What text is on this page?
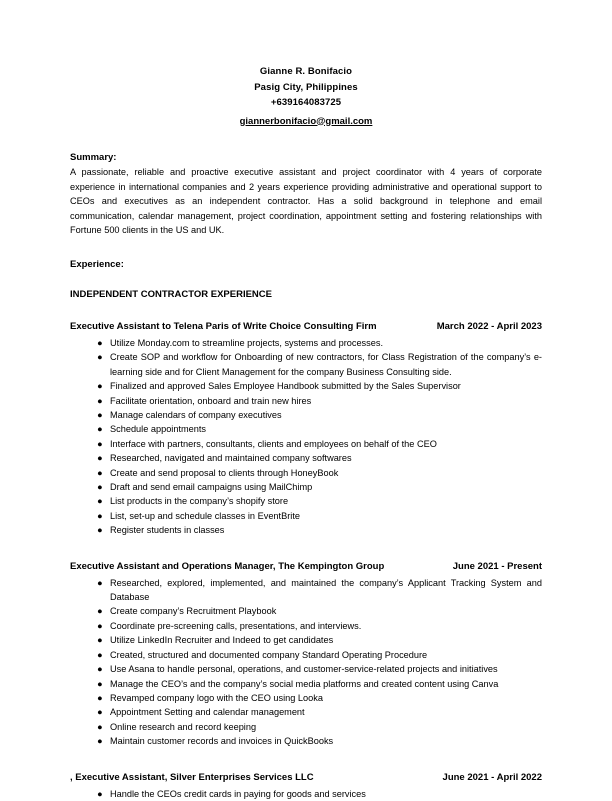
Gianne R. Bonifacio
Pasig City, Philippines
+639164083725
giannerbonifacio@gmail.com
Summary:
A passionate, reliable and proactive executive assistant and project coordinator with 4 years of corporate experience in international companies and 2 years experience providing administrative and operational support to CEOs and executives as an independent contractor. Has a solid background in telephone and email communication, calendar management, project coordination, appointment setting and fostering relationships with Fortune 500 clients in the US and UK.
Experience:
INDEPENDENT CONTRACTOR EXPERIENCE
Executive Assistant to Telena Paris of Write Choice Consulting Firm	March 2022 - April 2023
● Utilize Monday.com to streamline projects, systems and processes.
● Create SOP and workflow for Onboarding of new contractors, for Class Registration of the company’s e-learning side and for Client Management for the company Business Consulting side.
● Finalized and approved Sales Employee Handbook submitted by the Sales Supervisor
● Facilitate orientation, onboard and train new hires
● Manage calendars of company executives
● Schedule appointments
● Interface with partners, consultants, clients and employees on behalf of the CEO
● Researched, navigated and maintained company softwares
● Create and send proposal to clients through HoneyBook
● Draft and send email campaigns using MailChimp
● List products in the company’s shopify store
● List, set-up and schedule classes in EventBrite
● Register students in classes
Executive Assistant and Operations Manager, The Kempington Group	June 2021 - Present
● Researched, explored, implemented, and maintained the company’s Applicant Tracking System and Database
● Create company’s Recruitment Playbook
● Coordinate pre-screening calls, presentations, and interviews.
● Utilize LinkedIn Recruiter and Indeed to get candidates
● Created, structured and documented company Standard Operating Procedure
● Use Asana to handle personal, operations, and customer-service-related projects and initiatives
● Manage the CEO’s and the company’s social media platforms and created content using Canva
● Revamped company logo with the CEO using Looka
● Appointment Setting and calendar management
● Online research and record keeping
● Maintain customer records and invoices in QuickBooks
, Executive Assistant, Silver Enterprises Services LLC	June 2021 - April 2022
● Handle the CEOs credit cards in paying for goods and services
